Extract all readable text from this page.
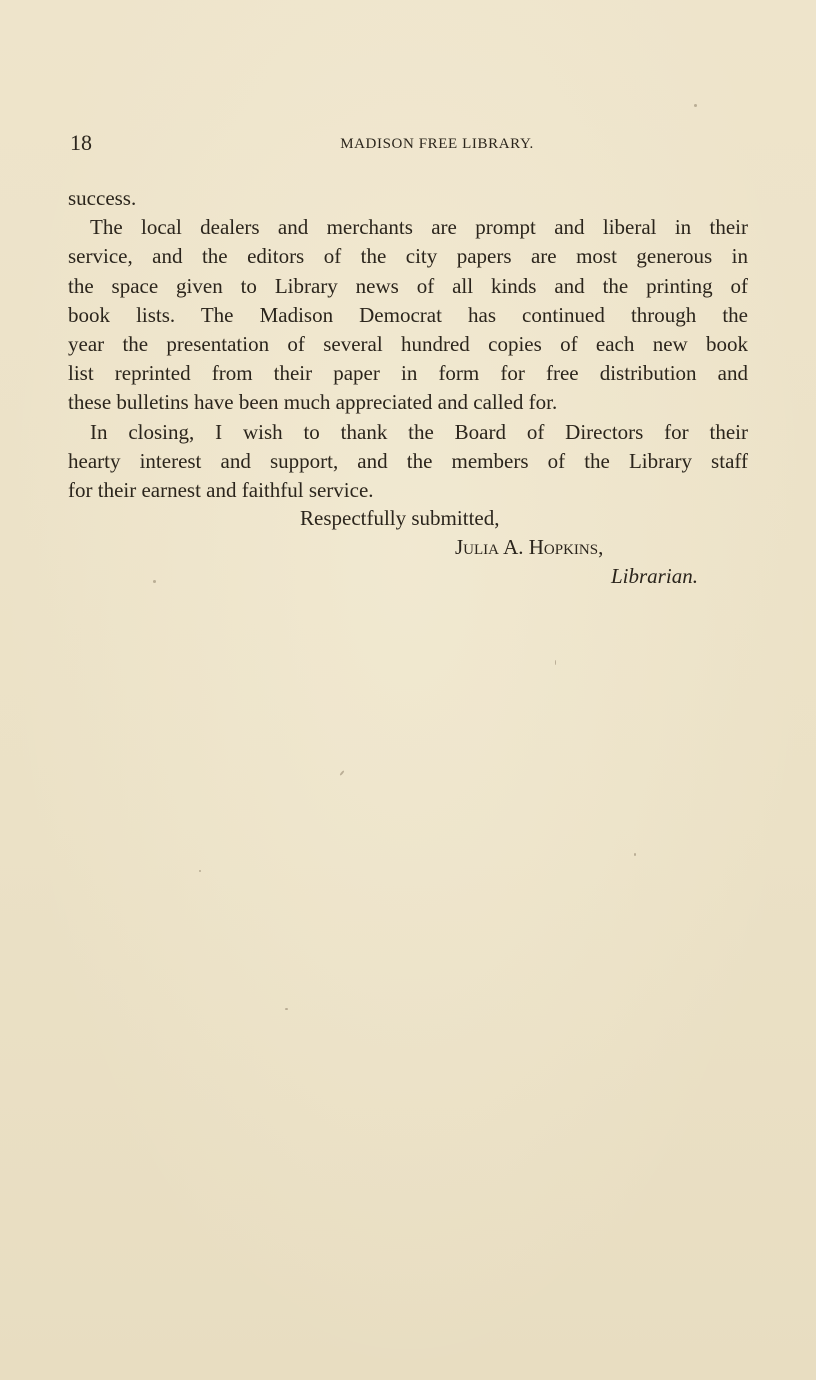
18	MADISON FREE LIBRARY.
success.
The local dealers and merchants are prompt and liberal in their
service, and the editors of the city papers are most generous in
the space given to Library news of all kinds and the printing of
book lists. The Madison Democrat has continued through the
year the presentation of several hundred copies of each new book
list reprinted from their paper in form for free distribution and
these bulletins have been much appreciated and called for.
In closing, I wish to thank the Board of Directors for their
hearty interest and support, and the members of the Library staff
for their earnest and faithful service.
Respectfully submitted,
Julia A. Hopkins,
Librarian.
